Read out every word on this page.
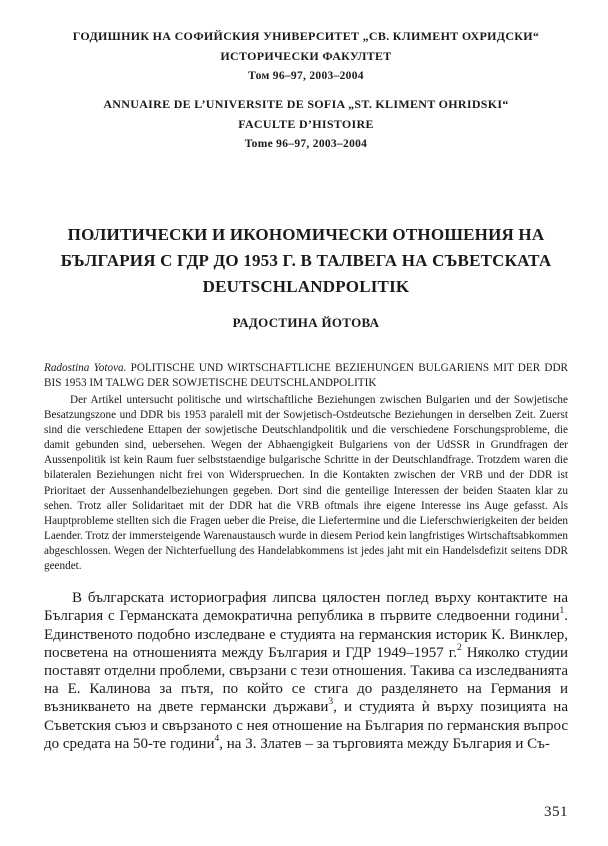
ГОДИШНИК НА СОФИЙСКИЯ УНИВЕРСИТЕТ „СВ. КЛИМЕНТ ОХРИДСКИ“
ИСТОРИЧЕСКИ ФАКУЛТЕТ
Том 96–97, 2003–2004
ANNUAIRE DE L’UNIVERSITE DE SOFIA „ST. KLIMENT OHRIDSKI“
FACULTE D’HISTOIRE
Tome 96–97, 2003–2004
ПОЛИТИЧЕСКИ И ИКОНОМИЧЕСКИ ОТНОШЕНИЯ НА БЪЛГАРИЯ С ГДР ДО 1953 Г. В ТАЛВЕГА НА СЪВЕТСКАТА DEUTSCHLANDPOLITIK
РАДОСТИНА ЙОТОВА

Radostina Yotova. POLITISCHE UND WIRTSCHAFTLICHE BEZIEHUNGEN BULGARIENS MIT DER DDR BIS 1953 IM TALWG DER SOWJETISCHE DEUTSCHLANDPOLITIK

Der Artikel untersucht politische und wirtschaftliche Beziehungen zwischen Bulgarien und der Sowjetische Besatzungszone und DDR bis 1953 paralell mit der Sowjetisch-Ostdeutsche Beziehungen in derselben Zeit. Zuerst sind die verschiedene Ettapen der sowjetische Deutschlandpolitik und die verschiedene Forschungsprobleme, die damit gebunden sind, uebersehen. Wegen der Abhaengigkeit Bulgariens von der UdSSR in Grundfragen der Aussenpolitik ist kein Raum fuer selbststaendige bulgarische Schritte in der Deutschlandfrage. Trotzdem waren die bilateralen Beziehungen nicht frei von Widerspruechen. In die Kontakten zwischen der VRB und der DDR ist Prioritaet der Aussenhandelbeziehungen gegeben. Dort sind die genteilige Interessen der beiden Staaten klar zu sehen. Trotz aller Solidaritaet mit der DDR hat die VRB oftmals ihre eigene Interesse ins Auge gefasst. Als Hauptprobleme stellten sich die Fragen ueber die Preise, die Liefertermine und die Lieferschwierigkeiten der beiden Laender. Trotz der immersteigende Warenaustausch wurde in diesem Period kein langfristiges Wirtschaftsabkommen abgeschlossen. Wegen der Nichterfuellung des Handelabkommens ist jedes jaht mit ein Handelsdefizit seitens DDR geendet.

В българската историография липсва цялостен поглед върху контактите на България с Германската демократична република в първите следвоенни години$^1$. Единственото подобно изследване е студията на германския историк К. Винклер, посветена на отношенията между България и ГДР 1949–1957 г.$^2$ Няколко студии поставят отделни проблеми, свързани с тези отношения. Такива са изследванията на Е. Калинова за пътя, по който се стига до разделянето на Германия и възникването на двете германски държави$^3$, и студията ѝ върху позицията на Съветския съюз и свързаното с нея отношение на България по германския въпрос до средата на 50-те години$^4$, на З. Златев – за търговията между България и Съ-

351
